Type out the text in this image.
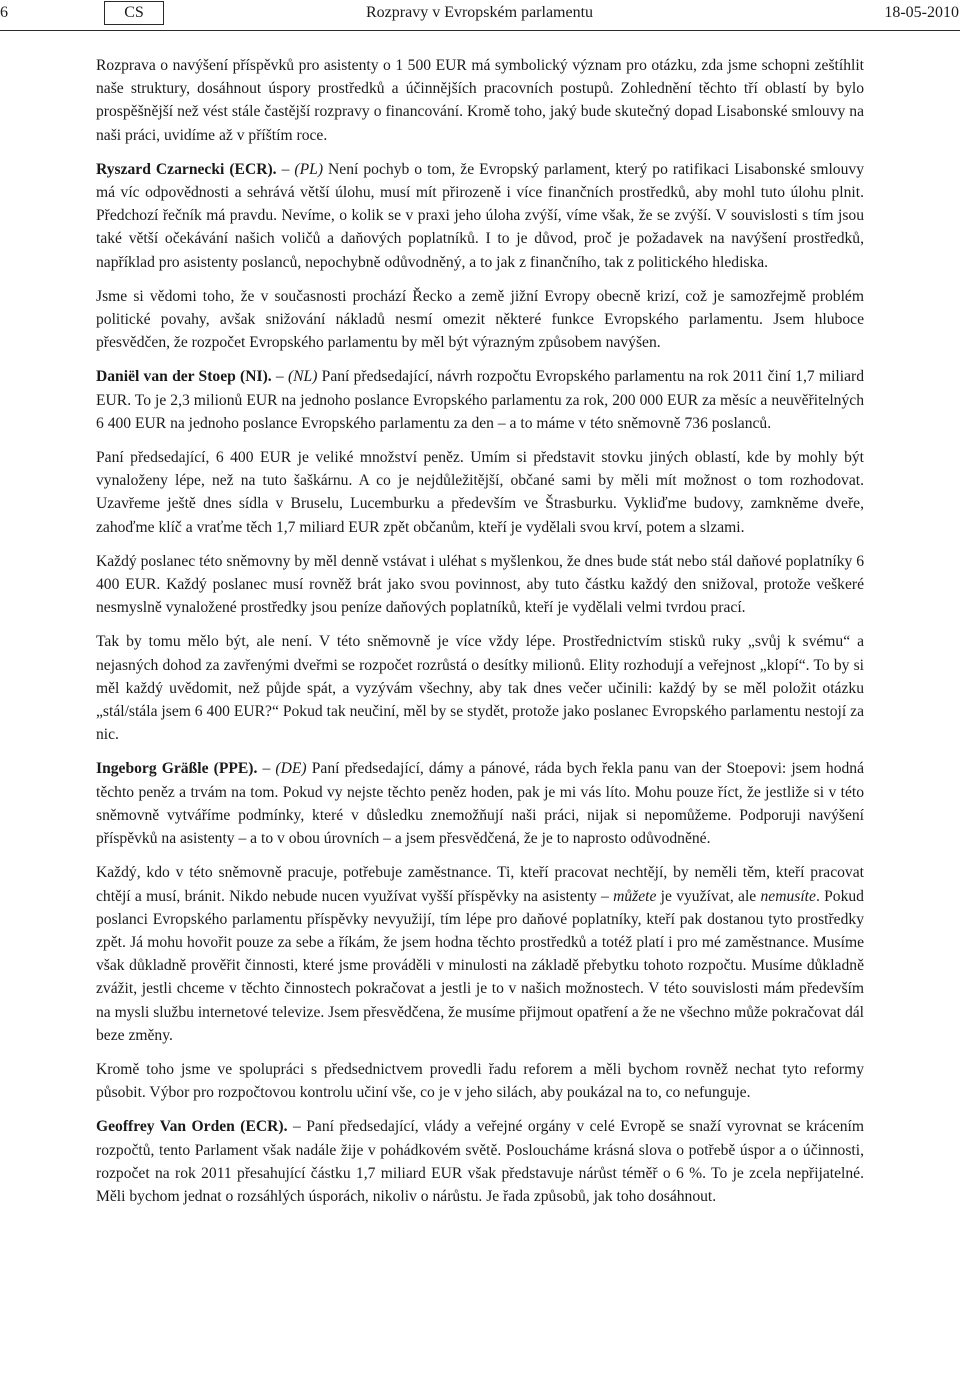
6	CS	Rozpravy v Evropském parlamentu	18-05-2010

Rozprava o navýšení příspěvků pro asistenty o 1 500 EUR má symbolický význam pro otázku, zda jsme schopni zeštíhlit naše struktury, dosáhnout úspory prostředků a účinnějších pracovních postupů. Zohlednění těchto tří oblastí by bylo prospěšnější než vést stále častější rozpravy o financování. Kromě toho, jaký bude skutečný dopad Lisabonské smlouvy na naši práci, uvidíme až v příštím roce.

Ryszard Czarnecki (ECR). – (PL) Není pochyb o tom, že Evropský parlament, který po ratifikaci Lisabonské smlouvy má víc odpovědnosti a sehrává větší úlohu, musí mít přirozeně i více finančních prostředků, aby mohl tuto úlohu plnit. Předchozí řečník má pravdu. Nevíme, o kolik se v praxi jeho úloha zvýší, víme však, že se zvýší. V souvislosti s tím jsou také větší očekávání našich voličů a daňových poplatníků. I to je důvod, proč je požadavek na navýšení prostředků, například pro asistenty poslanců, nepochybně odůvodněný, a to jak z finančního, tak z politického hlediska.

Jsme si vědomi toho, že v současnosti prochází Řecko a země jižní Evropy obecně krizí, což je samozřejmě problém politické povahy, avšak snižování nákladů nesmí omezit některé funkce Evropského parlamentu. Jsem hluboce přesvědčen, že rozpočet Evropského parlamentu by měl být výrazným způsobem navýšen.

Daniël van der Stoep (NI). – (NL) Paní předsedající, návrh rozpočtu Evropského parlamentu na rok 2011 činí 1,7 miliard EUR. To je 2,3 milionů EUR na jednoho poslance Evropského parlamentu za rok, 200 000 EUR za měsíc a neuvěřitelných 6 400 EUR na jednoho poslance Evropského parlamentu za den – a to máme v této sněmovně 736 poslanců.

Paní předsedající, 6 400 EUR je veliké množství peněz. Umím si představit stovku jiných oblastí, kde by mohly být vynaloženy lépe, než na tuto šaškárnu. A co je nejdůležitější, občané sami by měli mít možnost o tom rozhodovat. Uzavřeme ještě dnes sídla v Bruselu, Lucemburku a především ve Štrasburku. Vykliďme budovy, zamkněme dveře, zahoďme klíč a vraťme těch 1,7 miliard EUR zpět občanům, kteří je vydělali svou krví, potem a slzami.

Každý poslanec této sněmovny by měl denně vstávat i uléhat s myšlenkou, že dnes bude stát nebo stál daňové poplatníky 6 400 EUR. Každý poslanec musí rovněž brát jako svou povinnost, aby tuto částku každý den snižoval, protože veškeré nesmyslně vynaložené prostředky jsou peníze daňových poplatníků, kteří je vydělali velmi tvrdou prací.

Tak by tomu mělo být, ale není. V této sněmovně je více vždy lépe. Prostřednictvím stisků ruky „svůj k svému“ a nejasných dohod za zavřenými dveřmi se rozpočet rozrůstá o desítky milionů. Elity rozhodují a veřejnost „klopí“. To by si měl každý uvědomit, než půjde spát, a vyzývám všechny, aby tak dnes večer učinili: každý by se měl položit otázku „stál/stála jsem 6 400 EUR?“ Pokud tak neučiní, měl by se stydět, protože jako poslanec Evropského parlamentu nestojí za nic.

Ingeborg Gräßle (PPE). – (DE) Paní předsedající, dámy a pánové, ráda bych řekla panu van der Stoepovi: jsem hodná těchto peněz a trvám na tom. Pokud vy nejste těchto peněz hoden, pak je mi vás líto. Mohu pouze říct, že jestliže si v této sněmovně vytváříme podmínky, které v důsledku znemožňují naši práci, nijak si nepomůžeme. Podporuji navýšení příspěvků na asistenty – a to v obou úrovních – a jsem přesvědčená, že je to naprosto odůvodněné.

Každý, kdo v této sněmovně pracuje, potřebuje zaměstnance. Ti, kteří pracovat nechtějí, by neměli těm, kteří pracovat chtějí a musí, bránit. Nikdo nebude nucen využívat vyšší příspěvky na asistenty – můžete je využívat, ale nemusíte. Pokud poslanci Evropského parlamentu příspěvky nevyužijí, tím lépe pro daňové poplatníky, kteří pak dostanou tyto prostředky zpět. Já mohu hovořit pouze za sebe a říkám, že jsem hodna těchto prostředků a totéž platí i pro mé zaměstnance. Musíme však důkladně prověřit činnosti, které jsme prováděli v minulosti na základě přebytku tohoto rozpočtu. Musíme důkladně zvážit, jestli chceme v těchto činnostech pokračovat a jestli je to v našich možnostech. V této souvislosti mám především na mysli službu internetové televize. Jsem přesvědčena, že musíme přijmout opatření a že ne všechno může pokračovat dál beze změny.

Kromě toho jsme ve spolupráci s předsednictvem provedli řadu reforem a měli bychom rovněž nechat tyto reformy působit. Výbor pro rozpočtovou kontrolu učiní vše, co je v jeho silách, aby poukázal na to, co nefunguje.

Geoffrey Van Orden (ECR). – Paní předsedající, vlády a veřejné orgány v celé Evropě se snaží vyrovnat se krácením rozpočtů, tento Parlament však nadále žije v pohádkovém světě. Posloucháme krásná slova o potřebě úspor a o účinnosti, rozpočet na rok 2011 přesahující částku 1,7 miliard EUR však představuje nárůst téměř o 6 %. To je zcela nepřijatelné. Měli bychom jednat o rozsáhlých úsporách, nikoliv o nárůstu. Je řada způsobů, jak toho dosáhnout.
